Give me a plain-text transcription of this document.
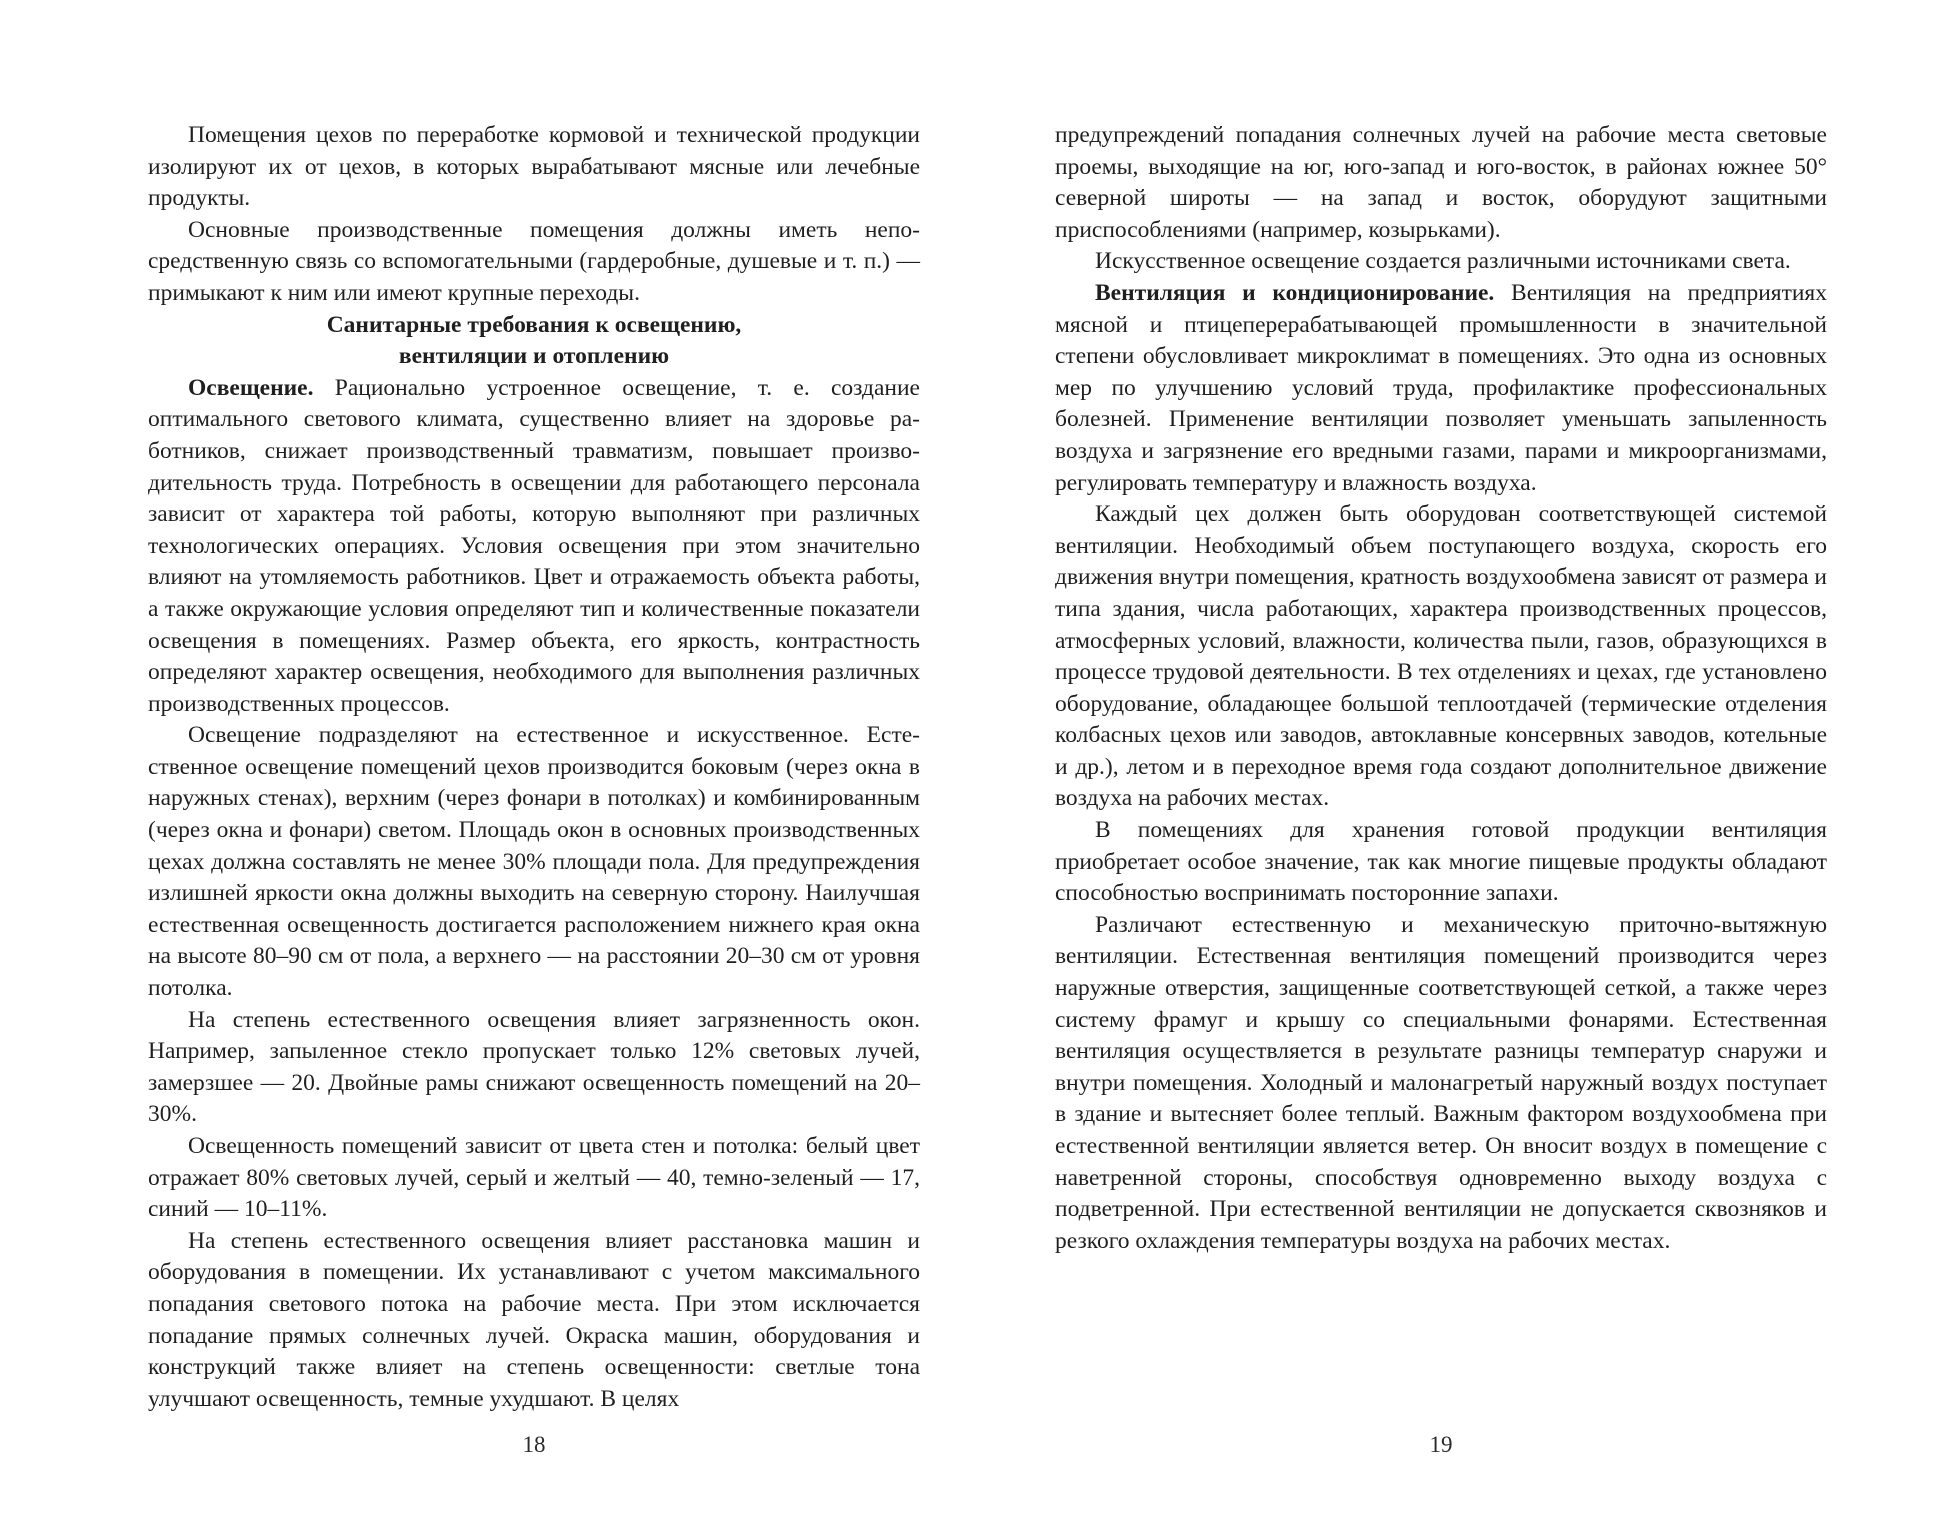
Помещения цехов по переработке кормовой и технической продукции изолируют их от цехов, в которых вырабатывают мясные или лечебные продукты.

Основные производственные помещения должны иметь непосредственную связь со вспомогательными (гардеробные, душевые и т. п.) — примыкают к ним или имеют крупные переходы.

Санитарные требования к освещению,
вентиляции и отоплению

Освещение. Рационально устроенное освещение, т. е. создание оптимального светового климата, существенно влияет на здоровье работников, снижает производственный травматизм, повышает производительность труда. Потребность в освещении для работающего персонала зависит от характера той работы, которую выполняют при различных технологических операциях. Условия освещения при этом значительно влияют на утомляемость работников. Цвет и отражаемость объекта работы, а также окружающие условия определяют тип и количественные показатели освещения в помещениях. Размер объекта, его яркость, контрастность определяют характер освещения, необходимого для выполнения различных производственных процессов.

Освещение подразделяют на естественное и искусственное. Естественное освещение помещений цехов производится боковым (через окна в наружных стенах), верхним (через фонари в потолках) и комбинированным (через окна и фонари) светом. Площадь окон в основных производственных цехах должна составлять не менее 30% площади пола. Для предупреждения излишней яркости окна должны выходить на северную сторону. Наилучшая естественная освещенность достигается расположением нижнего края окна на высоте 80–90 см от пола, а верхнего — на расстоянии 20–30 см от уровня потолка.

На степень естественного освещения влияет загрязненность окон. Например, запыленное стекло пропускает только 12% световых лучей, замерзшее — 20. Двойные рамы снижают освещенность помещений на 20–30%.

Освещенность помещений зависит от цвета стен и потолка: белый цвет отражает 80% световых лучей, серый и желтый — 40, темно-зеленый — 17, синий — 10–11%.

На степень естественного освещения влияет расстановка машин и оборудования в помещении. Их устанавливают с учетом максимального попадания светового потока на рабочие места. При этом исключается попадание прямых солнечных лучей. Окраска машин, оборудования и конструкций также влияет на степень освещенности: светлые тона улучшают освещенность, темные ухудшают. В целях

18

предупреждений попадания солнечных лучей на рабочие места световые проемы, выходящие на юг, юго-запад и юго-восток, в районах южнее 50° северной широты — на запад и восток, оборудуют защитными приспособлениями (например, козырьками).

Искусственное освещение создается различными источниками света.

Вентиляция и кондиционирование. Вентиляция на предприятиях мясной и птицеперерабатывающей промышленности в значительной степени обусловливает микроклимат в помещениях. Это одна из основных мер по улучшению условий труда, профилактике профессиональных болезней. Применение вентиляции позволяет уменьшать запыленность воздуха и загрязнение его вредными газами, парами и микроорганизмами, регулировать температуру и влажность воздуха.

Каждый цех должен быть оборудован соответствующей системой вентиляции. Необходимый объем поступающего воздуха, скорость его движения внутри помещения, кратность воздухообмена зависят от размера и типа здания, числа работающих, характера производственных процессов, атмосферных условий, влажности, количества пыли, газов, образующихся в процессе трудовой деятельности. В тех отделениях и цехах, где установлено оборудование, обладающее большой теплоотдачей (термические отделения колбасных цехов или заводов, автоклавные консервных заводов, котельные и др.), летом и в переходное время года создают дополнительное движение воздуха на рабочих местах.

В помещениях для хранения готовой продукции вентиляция приобретает особое значение, так как многие пищевые продукты обладают способностью воспринимать посторонние запахи.

Различают естественную и механическую приточно-вытяжную вентиляции. Естественная вентиляция помещений производится через наружные отверстия, защищенные соответствующей сеткой, а также через систему фрамуг и крышу со специальными фонарями. Естественная вентиляция осуществляется в результате разницы температур снаружи и внутри помещения. Холодный и малонагретый наружный воздух поступает в здание и вытесняет более теплый. Важным фактором воздухообмена при естественной вентиляции является ветер. Он вносит воздух в помещение с наветренной стороны, способствуя одновременно выходу воздуха с подветренной. При естественной вентиляции не допускается сквозняков и резкого охлаждения температуры воздуха на рабочих местах.

19
